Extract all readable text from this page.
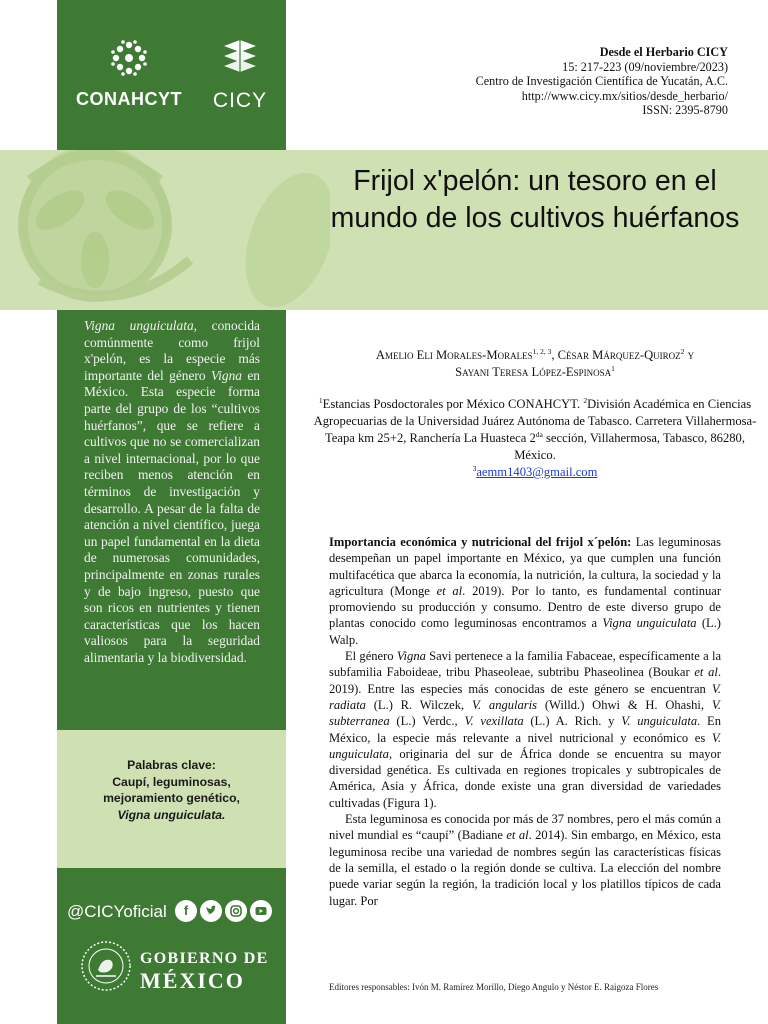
CONAHCYT	CICY
Desde el Herbario CICY
15: 217-223 (09/noviembre/2023)
Centro de Investigación Científica de Yucatán, A.C.
http://www.cicy.mx/sitios/desde_herbario/
ISSN: 2395-8790
Frijol x'pelón: un tesoro en el mundo de los cultivos huérfanos
Amelio Eli Morales-Morales$^{1, 2, 3}$, César Márquez-Quiroz$^2$ y
Sayani Teresa López-Espinosa$^1$
$^1$Estancias Posdoctorales por México CONAHCYT. $^2$División Académica en Ciencias Agropecuarias de la Universidad Juárez Autónoma de Tabasco. Carretera Villahermosa-Teapa km 25+2, Ranchería La Huasteca $2^{da}$ sección, Villahermosa, Tabasco, 86280, México.
$^3$aemm1403@gmail.com
Vigna unguiculata, conocida comúnmente como frijol x'pelón, es la especie más importante del género Vigna en México. Esta especie forma parte del grupo de los “cultivos huérfanos”, que se refiere a cultivos que no se comercializan a nivel internacional, por lo que reciben menos atención en términos de investigación y desarrollo. A pesar de la falta de atención a nivel científico, juega un papel fundamental en la dieta de numerosas comunidades, principalmente en zonas rurales y de bajo ingreso, puesto que son ricos en nutrientes y tienen características que los hacen valiosos para la seguridad alimentaria y la biodiversidad.
Palabras clave:
Caupí, leguminosas,
mejoramiento genético,
Vigna unguiculata.
@CICYoficial	f
GOBIERNO DE
MÉXICO

Importancia económica y nutricional del frijol x´pelón: Las leguminosas desempeñan un papel importante en México, ya que cumplen una función multifacética que abarca la economía, la nutrición, la cultura, la sociedad y la agricultura (Monge et al. 2019). Por lo tanto, es fundamental continuar promoviendo su producción y consumo. Dentro de este diverso grupo de plantas conocido como leguminosas encontramos a Vigna unguiculata (L.) Walp.

El género Vigna Savi pertenece a la familia Fabaceae, específicamente a la subfamilia Faboideae, tribu Phaseoleae, subtribu Phaseolinea (Boukar et al. 2019). Entre las especies más conocidas de este género se encuentran V. radiata (L.) R. Wilczek, V. angularis (Willd.) Ohwi & H. Ohashi, V. subterranea (L.) Verdc., V. vexillata (L.) A. Rich. y V. unguiculata. En México, la especie más relevante a nivel nutricional y económico es V. unguiculata, originaria del sur de África donde se encuentra su mayor diversidad genética. Es cultivada en regiones tropicales y subtropicales de América, Asia y África, donde existe una gran diversidad de variedades cultivadas (Figura 1).

Esta leguminosa es conocida por más de 37 nombres, pero el más común a nivel mundial es “caupí” (Badiane et al. 2014). Sin embargo, en México, esta leguminosa recibe una variedad de nombres según las características físicas de la semilla, el estado o la región donde se cultiva. La elección del nombre puede variar según la región, la tradición local y los platillos típicos de cada lugar. Por

Editores responsables: Ivón M. Ramírez Morillo, Diego Angulo y Néstor E. Raigoza Flores
